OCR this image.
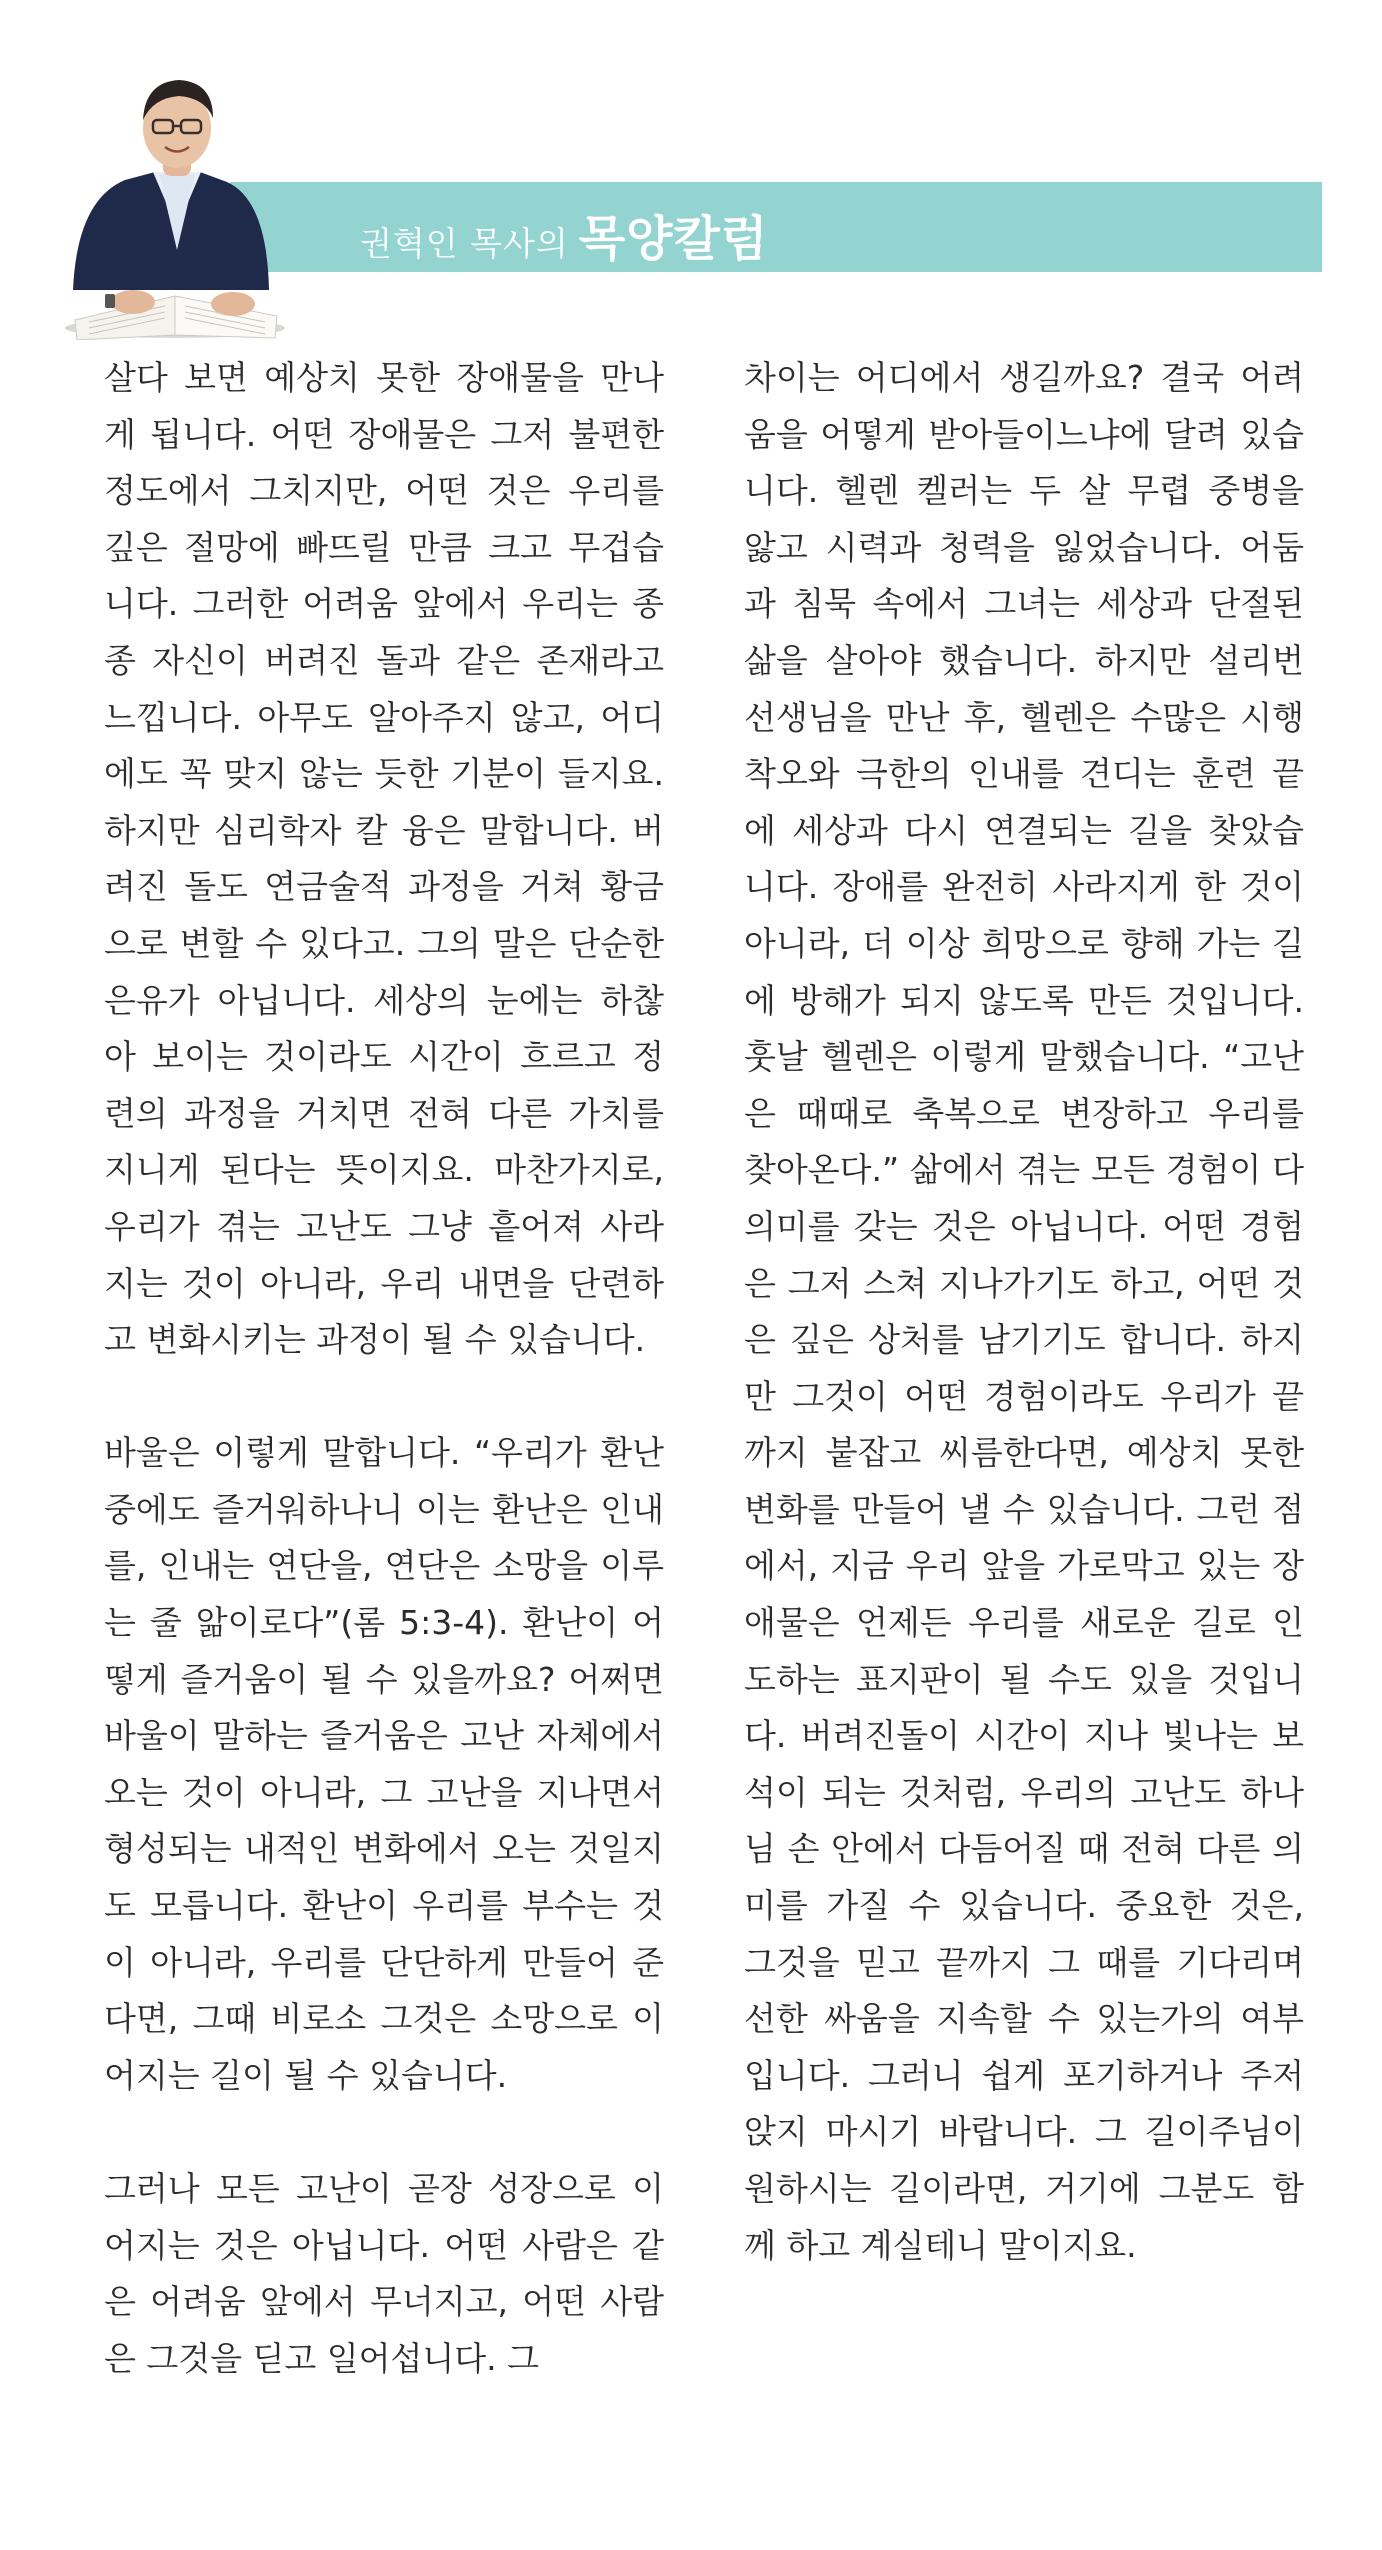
권혁인 목사의 목양칼럼

살다 보면 예상치 못한 장애물을 만나게 됩니다. 어떤 장애물은 그저 불편한 정도에서 그치지만, 어떤 것은 우리를 깊은 절망에 빠뜨릴 만큼 크고 무겁습니다. 그러한 어려움 앞에서 우리는 종종 자신이 버려진 돌과 같은 존재라고 느낍니다. 아무도 알아주지 않고, 어디에도 꼭 맞지 않는 듯한 기분이 들지요. 하지만 심리학자 칼 융은 말합니다. 버려진 돌도 연금술적 과정을 거쳐 황금으로 변할 수 있다고. 그의 말은 단순한 은유가 아닙니다. 세상의 눈에는 하찮아 보이는 것이라도 시간이 흐르고 정련의 과정을 거치면 전혀 다른 가치를 지니게 된다는 뜻이지요. 마찬가지로, 우리가 겪는 고난도 그냥 흩어져 사라지는 것이 아니라, 우리 내면을 단련하고 변화시키는 과정이 될 수 있습니다.

바울은 이렇게 말합니다. “우리가 환난 중에도 즐거워하나니 이는 환난은 인내를, 인내는 연단을, 연단은 소망을 이루는 줄 앎이로다”(롬 5:3-4). 환난이 어떻게 즐거움이 될 수 있을까요? 어쩌면 바울이 말하는 즐거움은 고난 자체에서 오는 것이 아니라, 그 고난을 지나면서 형성되는 내적인 변화에서 오는 것일지도 모릅니다. 환난이 우리를 부수는 것이 아니라, 우리를 단단하게 만들어 준다면, 그때 비로소 그것은 소망으로 이어지는 길이 될 수 있습니다.

그러나 모든 고난이 곧장 성장으로 이어지는 것은 아닙니다. 어떤 사람은 같은 어려움 앞에서 무너지고, 어떤 사람은 그것을 딛고 일어섭니다. 그

차이는 어디에서 생길까요? 결국 어려움을 어떻게 받아들이느냐에 달려 있습니다. 헬렌 켈러는 두 살 무렵 중병을 앓고 시력과 청력을 잃었습니다. 어둠과 침묵 속에서 그녀는 세상과 단절된 삶을 살아야 했습니다. 하지만 설리번 선생님을 만난 후, 헬렌은 수많은 시행착오와 극한의 인내를 견디는 훈련 끝에 세상과 다시 연결되는 길을 찾았습니다. 장애를 완전히 사라지게 한 것이 아니라, 더 이상 희망으로 향해 가는 길에 방해가 되지 않도록 만든 것입니다. 훗날 헬렌은 이렇게 말했습니다. “고난은 때때로 축복으로 변장하고 우리를 찾아온다.” 삶에서 겪는 모든 경험이 다 의미를 갖는 것은 아닙니다. 어떤 경험은 그저 스쳐 지나가기도 하고, 어떤 것은 깊은 상처를 남기기도 합니다. 하지만 그것이 어떤 경험이라도 우리가 끝까지 붙잡고 씨름한다면, 예상치 못한 변화를 만들어 낼 수 있습니다. 그런 점에서, 지금 우리 앞을 가로막고 있는 장애물은 언제든 우리를 새로운 길로 인도하는 표지판이 될 수도 있을 것입니다. 버려진돌이 시간이 지나 빛나는 보석이 되는 것처럼, 우리의 고난도 하나님 손 안에서 다듬어질 때 전혀 다른 의미를 가질 수 있습니다. 중요한 것은, 그것을 믿고 끝까지 그 때를 기다리며 선한 싸움을 지속할 수 있는가의 여부입니다. 그러니 쉽게 포기하거나 주저 앉지 마시기 바랍니다. 그 길이주님이 원하시는 길이라면, 거기에 그분도 함께 하고 계실테니 말이지요.
